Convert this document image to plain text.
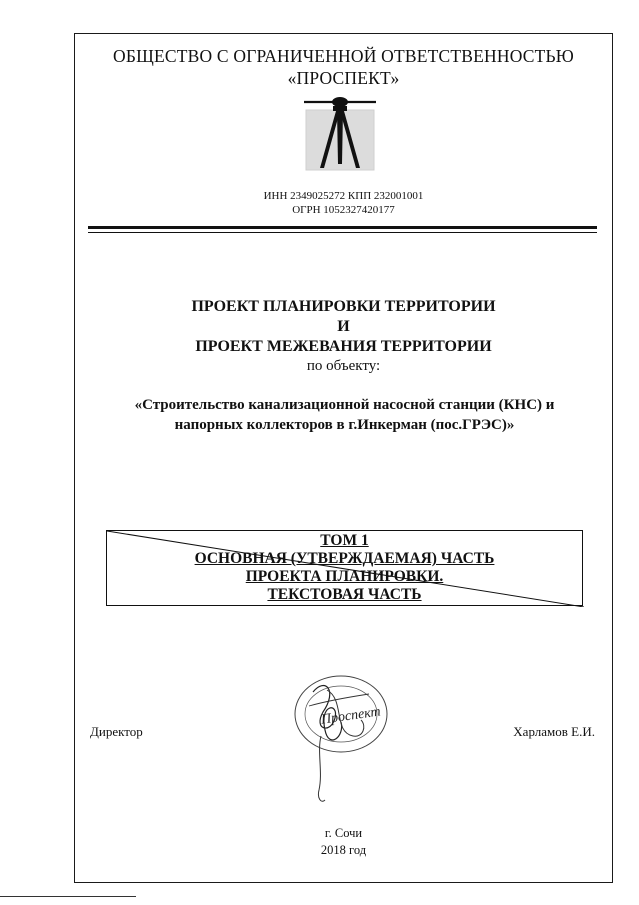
ОБЩЕСТВО С ОГРАНИЧЕННОЙ ОТВЕТСТВЕННОСТЬЮ
«ПРОСПЕКТ»
ИНН 2349025272 КПП 232001001
ОГРН 1052327420177
ПРОЕКТ ПЛАНИРОВКИ ТЕРРИТОРИИ
И
ПРОЕКТ МЕЖЕВАНИЯ ТЕРРИТОРИИ
по объекту:
«Строительство канализационной насосной станции (КНС) и
напорных коллекторов в г.Инкерман (пос.ГРЭС)»
ТОМ 1
ОСНОВНАЯ (УТВЕРЖДАЕМАЯ) ЧАСТЬ
ПРОЕКТА ПЛАНИРОВКИ.
ТЕКСТОВАЯ ЧАСТЬ
Директор	Харламов Е.И.
Проспект
г. Сочи
2018 год
